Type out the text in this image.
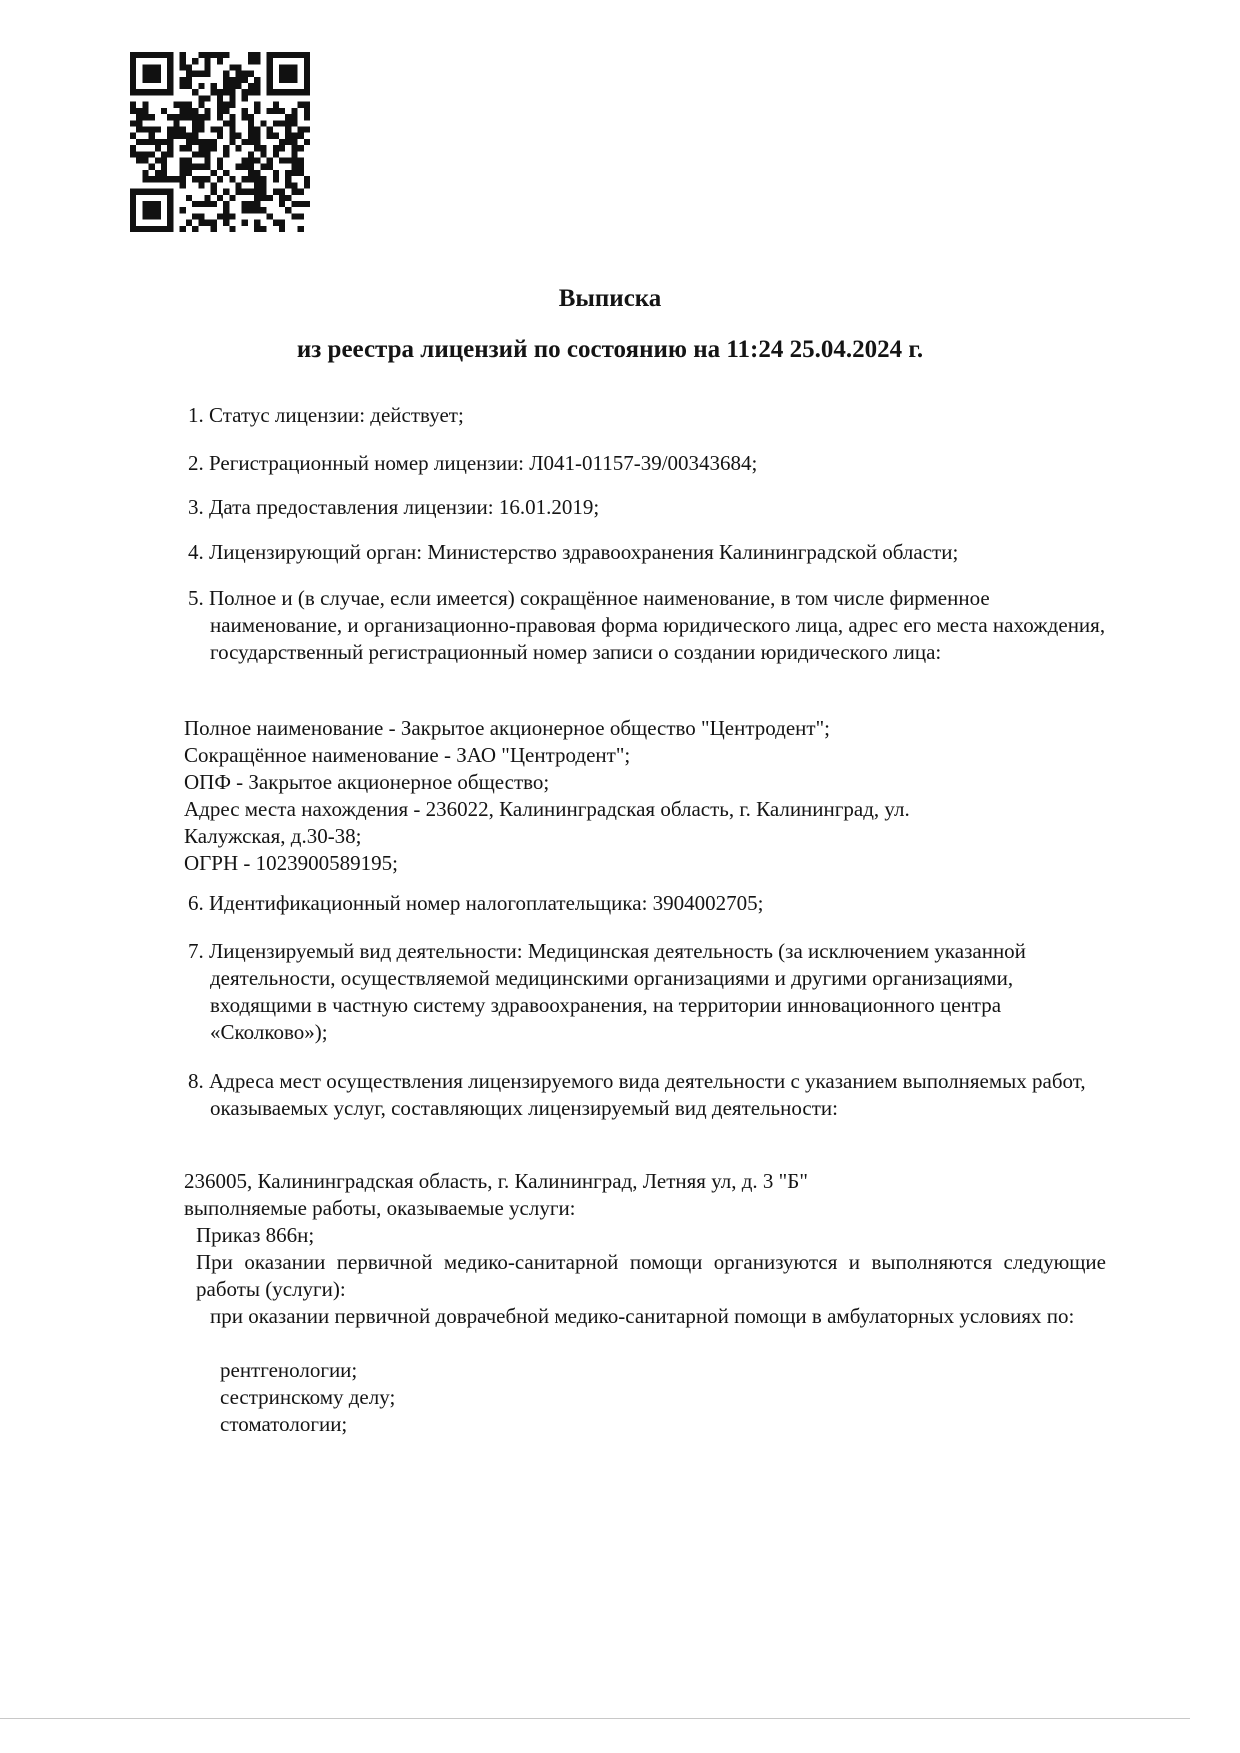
Выписка
из реестра лицензий по состоянию на 11:24 25.04.2024 г.
1. Статус лицензии: действует;
2. Регистрационный номер лицензии: Л041-01157-39/00343684;
3. Дата предоставления лицензии: 16.01.2019;
4. Лицензирующий орган: Министерство здравоохранения Калининградской области;
5. Полное и (в случае, если имеется) сокращённое наименование, в том числе фирменное наименование, и организационно-правовая форма юридического лица, адрес его места нахождения, государственный регистрационный номер записи о создании юридического лица:
Полное наименование - Закрытое акционерное общество "Центродент";
Сокращённое наименование - ЗАО "Центродент";
ОПФ - Закрытое акционерное общество;
Адрес места нахождения - 236022, Калининградская область, г. Калининград, ул.
Калужская, д.30-38;
ОГРН - 1023900589195;
6. Идентификационный номер налогоплательщика: 3904002705;
7. Лицензируемый вид деятельности: Медицинская деятельность (за исключением указанной деятельности, осуществляемой медицинскими организациями и другими организациями, входящими в частную систему здравоохранения, на территории инновационного центра «Сколково»);
8. Адреса мест осуществления лицензируемого вида деятельности с указанием выполняемых работ, оказываемых услуг, составляющих лицензируемый вид деятельности:
236005, Калининградская область, г. Калининград, Летняя ул, д. 3 "Б"
выполняемые работы, оказываемые услуги:
Приказ 866н;
При оказании первичной медико-санитарной помощи организуются и выполняются следующие работы (услуги):
при оказании первичной доврачебной медико-санитарной помощи в амбулаторных условиях по:
рентгенологии;
сестринскому делу;
стоматологии;
